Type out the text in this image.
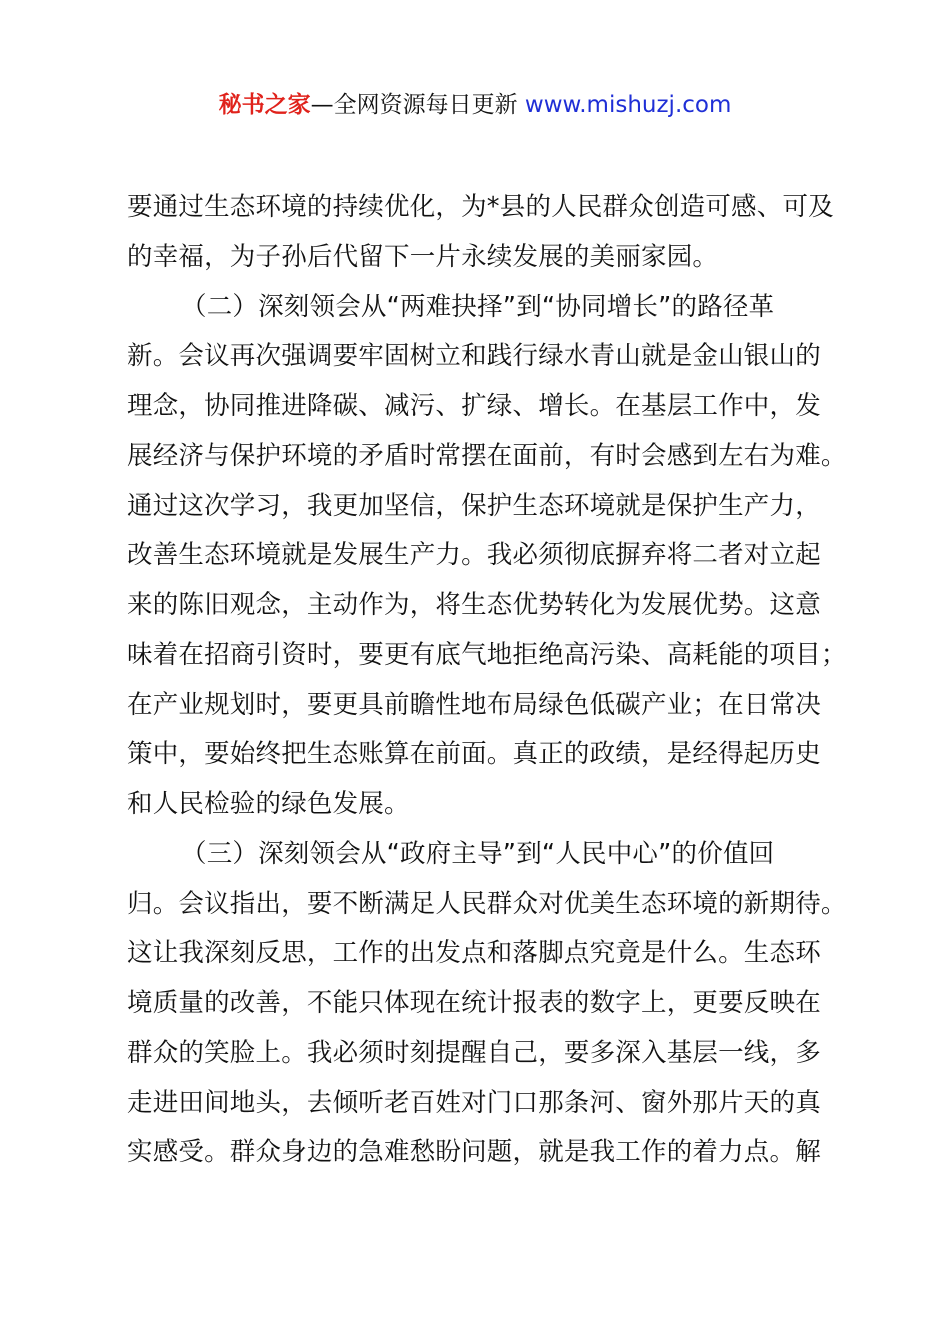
秘书之家—全网资源每日更新 www.mishuzj.com
要通过生态环境的持续优化，为*县的人民群众创造可感、可及
的幸福，为子孙后代留下一片永续发展的美丽家园。
（二）深刻领会从“两难抉择”到“协同增长”的路径革
新。会议再次强调要牢固树立和践行绿水青山就是金山银山的
理念，协同推进降碳、减污、扩绿、增长。在基层工作中，发
展经济与保护环境的矛盾时常摆在面前，有时会感到左右为难。
通过这次学习，我更加坚信，保护生态环境就是保护生产力，
改善生态环境就是发展生产力。我必须彻底摒弃将二者对立起
来的陈旧观念，主动作为，将生态优势转化为发展优势。这意
味着在招商引资时，要更有底气地拒绝高污染、高耗能的项目；
在产业规划时，要更具前瞻性地布局绿色低碳产业；在日常决
策中，要始终把生态账算在前面。真正的政绩，是经得起历史
和人民检验的绿色发展。
（三）深刻领会从“政府主导”到“人民中心”的价值回
归。会议指出，要不断满足人民群众对优美生态环境的新期待。
这让我深刻反思，工作的出发点和落脚点究竟是什么。生态环
境质量的改善，不能只体现在统计报表的数字上，更要反映在
群众的笑脸上。我必须时刻提醒自己，要多深入基层一线，多
走进田间地头，去倾听老百姓对门口那条河、窗外那片天的真
实感受。群众身边的急难愁盼问题，就是我工作的着力点。解
